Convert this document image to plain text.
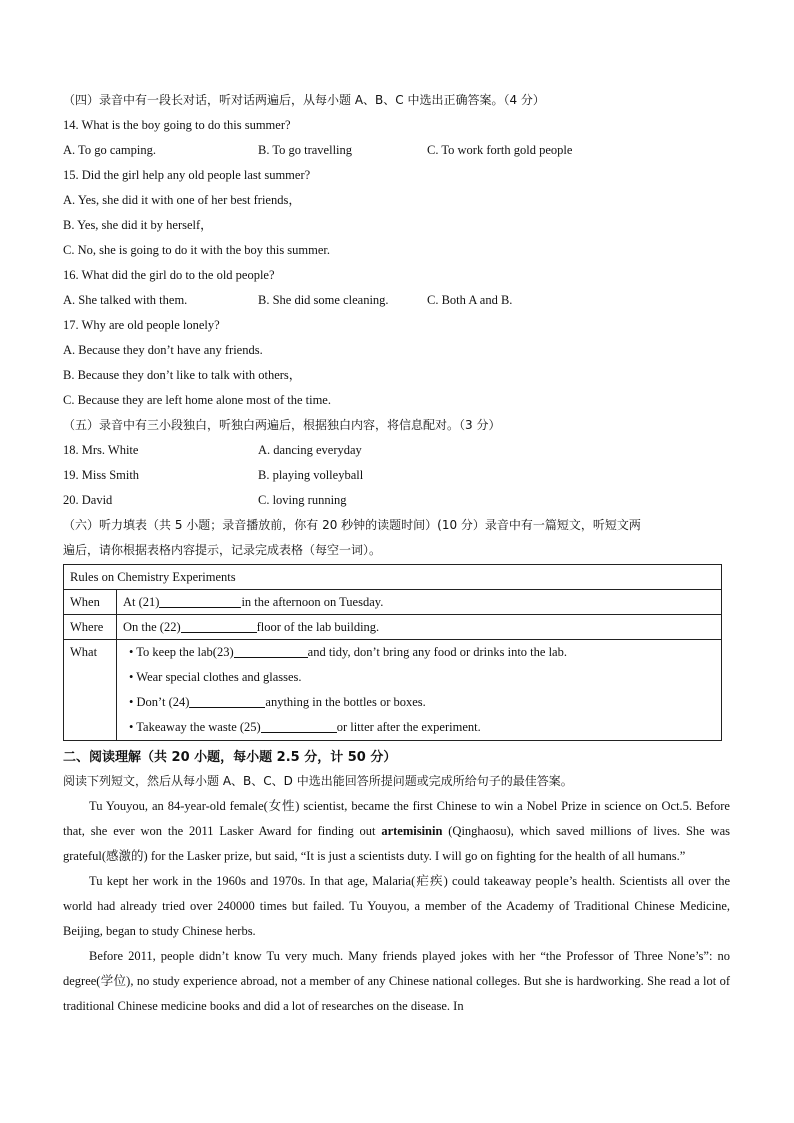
（四）录音中有一段长对话，听对话两遍后，从每小题 A、B、C 中选出正确答案。（4 分）
14. What is the boy going to do this summer?
A. To go camping.	B. To go travelling	C. To work forth gold people
15. Did the girl help any old people last summer?
A. Yes, she did it with one of her best friends，
B. Yes, she did it by herself，
C. No, she is going to do it with the boy this summer.
16. What did the girl do to the old people?
A. She talked with them.	B. She did some cleaning.	C. Both A and B.
17. Why are old people lonely?
A. Because they don’t have any friends.
B. Because they don’t like to talk with others，
C. Because they are left home alone most of the time.
（五）录音中有三小段独白，听独白两遍后，根据独白内容，将信息配对。（3 分）
18. Mrs. White	A. dancing everyday
19. Miss Smith	B. playing volleyball
20. David	C. loving running
（六）听力填表（共 5 小题；录音播放前，你有 20 秒钟的读题时间）(10 分）录音中有一篇短文，听短文两
遍后，请你根据表格内容提示，记录完成表格（每空一词）。
Rules on Chemistry Experiments	
When	At (21) in the afternoon on Tuesday.
Where	On the (22) floor of the lab building.
What	• To keep the lab(23) and tidy, don’t bring any food or drinks into the lab.
• Wear special clothes and glasses.
• Don’t (24) anything in the bottles or boxes.
• Takeaway the waste (25) or litter after the experiment.
二、阅读理解（共 20 小题，每小题 2.5 分，计 50 分）
阅读下列短文，然后从每小题 A、B、C、D 中选出能回答所提问题或完成所给句子的最佳答案。

Tu Youyou, an 84-year-old female(女性) scientist, became the first Chinese to win a Nobel Prize in science on Oct.5. Before that, she ever won the 2011 Lasker Award for finding out artemisinin (Qinghaosu), which saved millions of lives. She was grateful(感激的) for the Lasker prize, but said, “It is just a scientists duty. I will go on fighting for the health of all humans.”

Tu kept her work in the 1960s and 1970s. In that age, Malaria(疟疾) could takeaway people’s health. Scientists all over the world had already tried over 240000 times but failed. Tu Youyou, a member of the Academy of Traditional Chinese Medicine, Beijing, began to study Chinese herbs.

Before 2011, people didn’t know Tu very much. Many friends played jokes with her “the Professor of Three None’s”: no degree(学位), no study experience abroad, not a member of any Chinese national colleges. But she is hardworking. She read a lot of traditional Chinese medicine books and did a lot of researches on the disease. In
